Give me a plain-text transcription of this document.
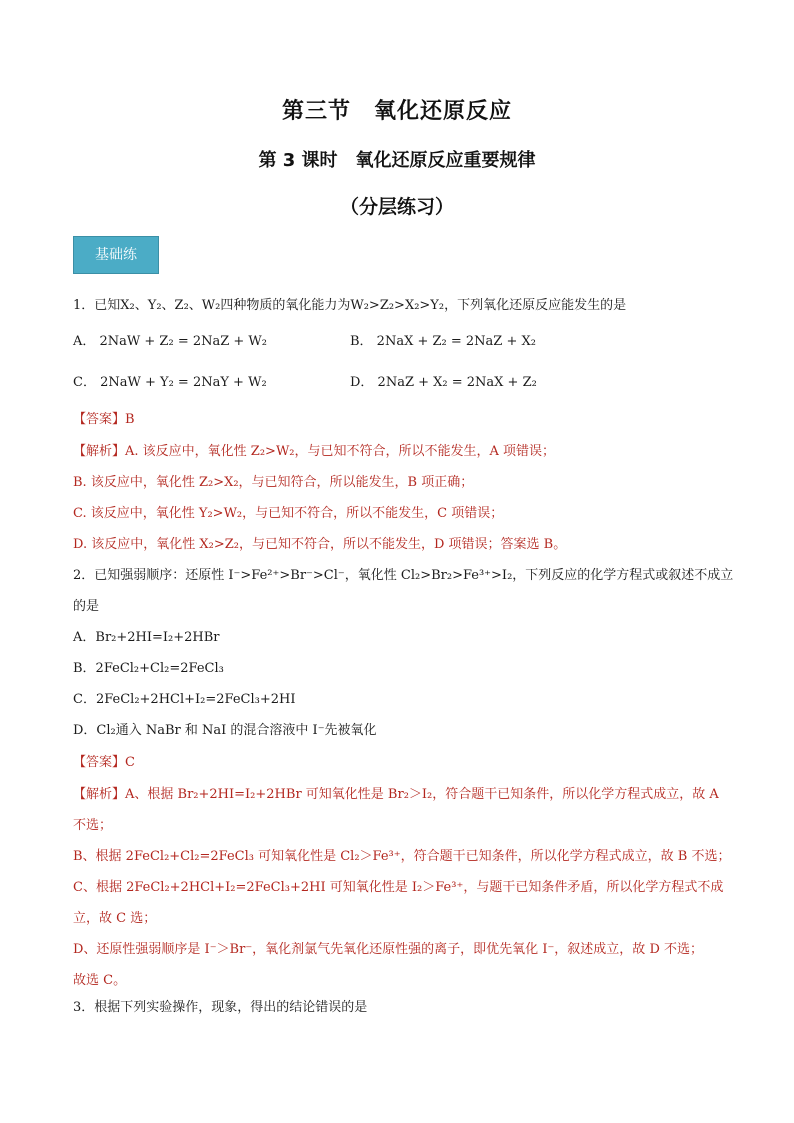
第三节　氧化还原反应
第 3 课时　氧化还原反应重要规律
（分层练习）
基础练
1．已知X₂、Y₂、Z₂、W₂四种物质的氧化能力为W₂>Z₂>X₂>Y₂，下列氧化还原反应能发生的是
A． 2NaW + Z₂ = 2NaZ + W₂	B． 2NaX + Z₂ = 2NaZ + X₂
C． 2NaW + Y₂ = 2NaY + W₂	D． 2NaZ + X₂ = 2NaX + Z₂
【答案】B
【解析】A. 该反应中，氧化性 Z₂>W₂，与已知不符合，所以不能发生，A 项错误；
B. 该反应中，氧化性 Z₂>X₂，与已知符合，所以能发生，B 项正确；
C. 该反应中，氧化性 Y₂>W₂，与已知不符合，所以不能发生，C 项错误；
D. 该反应中，氧化性 X₂>Z₂，与已知不符合，所以不能发生，D 项错误；答案选 B。
2．已知强弱顺序：还原性 I⁻>Fe²⁺>Br⁻>Cl⁻，氧化性 Cl₂>Br₂>Fe³⁺>I₂，下列反应的化学方程式或叙述不成立
的是
A．Br₂+2HI=I₂+2HBr
B．2FeCl₂+Cl₂=2FeCl₃
C．2FeCl₂+2HCl+I₂=2FeCl₃+2HI
D．Cl₂通入 NaBr 和 NaI 的混合溶液中 I⁻先被氧化
【答案】C
【解析】A、根据 Br₂+2HI=I₂+2HBr 可知氧化性是 Br₂＞I₂，符合题干已知条件，所以化学方程式成立，故 A
不选；
B、根据 2FeCl₂+Cl₂=2FeCl₃ 可知氧化性是 Cl₂＞Fe³⁺，符合题干已知条件，所以化学方程式成立，故 B 不选；
C、根据 2FeCl₂+2HCl+I₂=2FeCl₃+2HI 可知氧化性是 I₂＞Fe³⁺，与题干已知条件矛盾，所以化学方程式不成
立，故 C 选；
D、还原性强弱顺序是 I⁻＞Br⁻，氧化剂氯气先氧化还原性强的离子，即优先氧化 I⁻，叙述成立，故 D 不选；
故选 C。
3．根据下列实验操作，现象，得出的结论错误的是
